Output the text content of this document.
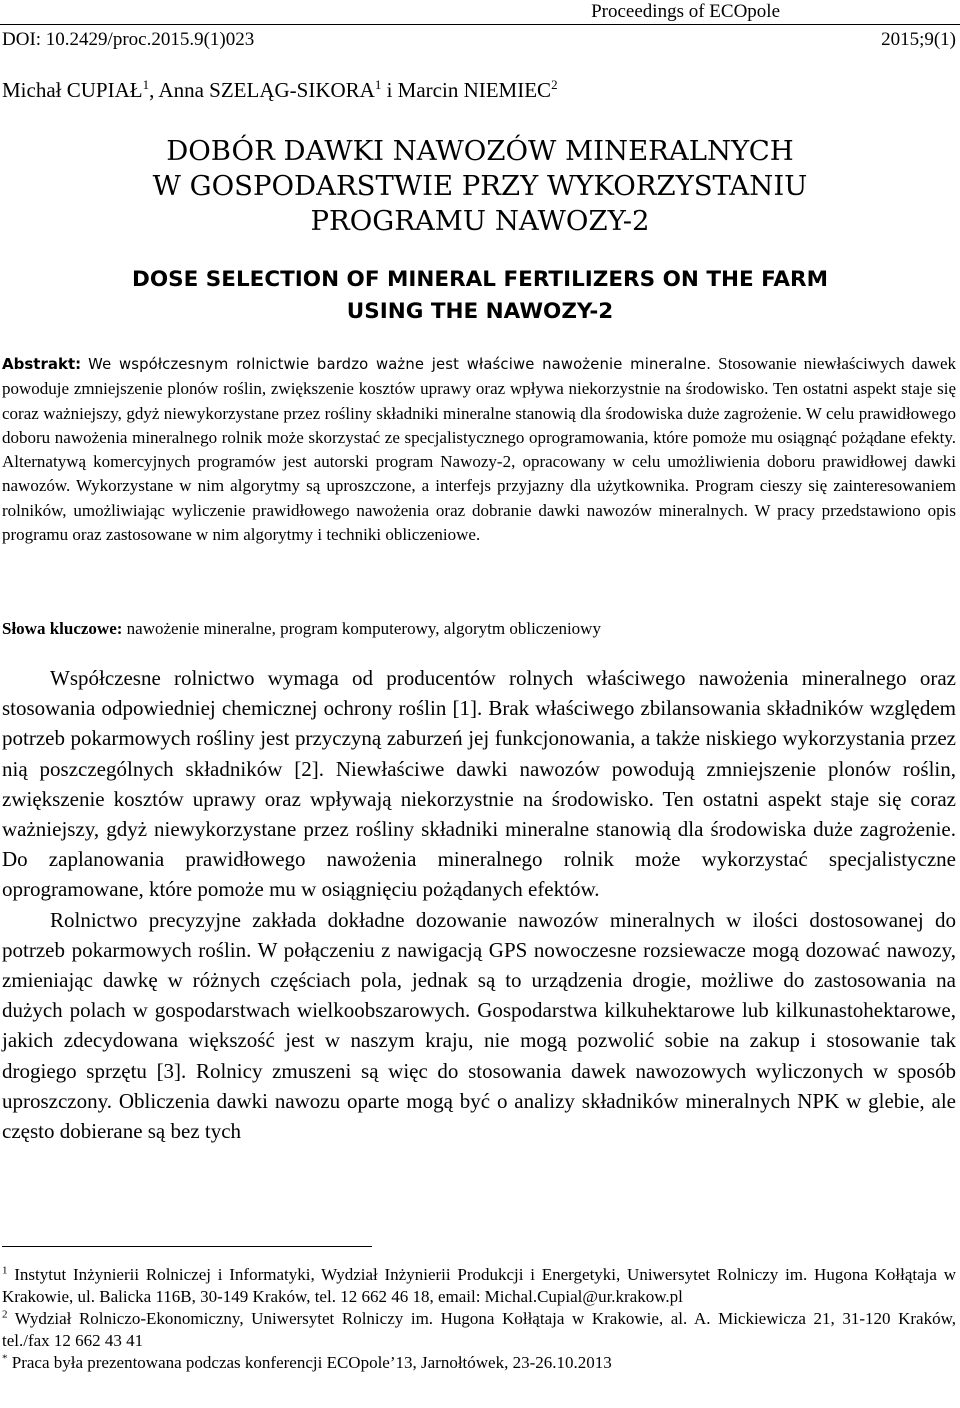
Proceedings of ECOpole
DOI: 10.2429/proc.2015.9(1)023	2015;9(1)
Michał CUPIAŁ$^1$, Anna SZELĄG-SIKORA$^1$ i Marcin NIEMIEC$^2$
DOBÓR DAWKI NAWOZÓW MINERALNYCH
W GOSPODARSTWIE PRZY WYKORZYSTANIU
PROGRAMU NAWOZY-2
DOSE SELECTION OF MINERAL FERTILIZERS ON THE FARM
USING THE NAWOZY-2
Abstrakt: We współczesnym rolnictwie bardzo ważne jest właściwe nawożenie mineralne. Stosowanie niewłaściwych dawek powoduje zmniejszenie plonów roślin, zwiększenie kosztów uprawy oraz wpływa niekorzystnie na środowisko. Ten ostatni aspekt staje się coraz ważniejszy, gdyż niewykorzystane przez rośliny składniki mineralne stanowią dla środowiska duże zagrożenie. W celu prawidłowego doboru nawożenia mineralnego rolnik może skorzystać ze specjalistycznego oprogramowania, które pomoże mu osiągnąć pożądane efekty. Alternatywą komercyjnych programów jest autorski program Nawozy-2, opracowany w celu umożliwienia doboru prawidłowej dawki nawozów. Wykorzystane w nim algorytmy są uproszczone, a interfejs przyjazny dla użytkownika. Program cieszy się zainteresowaniem rolników, umożliwiając wyliczenie prawidłowego nawożenia oraz dobranie dawki nawozów mineralnych. W pracy przedstawiono opis programu oraz zastosowane w nim algorytmy i techniki obliczeniowe.
Słowa kluczowe: nawożenie mineralne, program komputerowy, algorytm obliczeniowy

Współczesne rolnictwo wymaga od producentów rolnych właściwego nawożenia mineralnego oraz stosowania odpowiedniej chemicznej ochrony roślin [1]. Brak właściwego zbilansowania składników względem potrzeb pokarmowych rośliny jest przyczyną zaburzeń jej funkcjonowania, a także niskiego wykorzystania przez nią poszczególnych składników [2]. Niewłaściwe dawki nawozów powodują zmniejszenie plonów roślin, zwiększenie kosztów uprawy oraz wpływają niekorzystnie na środowisko. Ten ostatni aspekt staje się coraz ważniejszy, gdyż niewykorzystane przez rośliny składniki mineralne stanowią dla środowiska duże zagrożenie. Do zaplanowania prawidłowego nawożenia mineralnego rolnik może wykorzystać specjalistyczne oprogramowane, które pomoże mu w osiągnięciu pożądanych efektów.

Rolnictwo precyzyjne zakłada dokładne dozowanie nawozów mineralnych w ilości dostosowanej do potrzeb pokarmowych roślin. W połączeniu z nawigacją GPS nowoczesne rozsiewacze mogą dozować nawozy, zmieniając dawkę w różnych częściach pola, jednak są to urządzenia drogie, możliwe do zastosowania na dużych polach w gospodarstwach wielkoobszarowych. Gospodarstwa kilkuhektarowe lub kilkunastohektarowe, jakich zdecydowana większość jest w naszym kraju, nie mogą pozwolić sobie na zakup i stosowanie tak drogiego sprzętu [3]. Rolnicy zmuszeni są więc do stosowania dawek nawozowych wyliczonych w sposób uproszczony. Obliczenia dawki nawozu oparte mogą być o analizy składników mineralnych NPK w glebie, ale często dobierane są bez tych

$^1$ Instytut Inżynierii Rolniczej i Informatyki, Wydział Inżynierii Produkcji i Energetyki, Uniwersytet Rolniczy im. Hugona Kołłątaja w Krakowie, ul. Balicka 116B, 30-149 Kraków, tel. 12 662 46 18, email: Michal.Cupial@ur.krakow.pl

$^2$ Wydział Rolniczo-Ekonomiczny, Uniwersytet Rolniczy im. Hugona Kołłątaja w Krakowie, al. A. Mickiewicza 21, 31-120 Kraków, tel./fax 12 662 43 41

* Praca była prezentowana podczas konferencji ECOpole’13, Jarnołtówek, 23-26.10.2013
